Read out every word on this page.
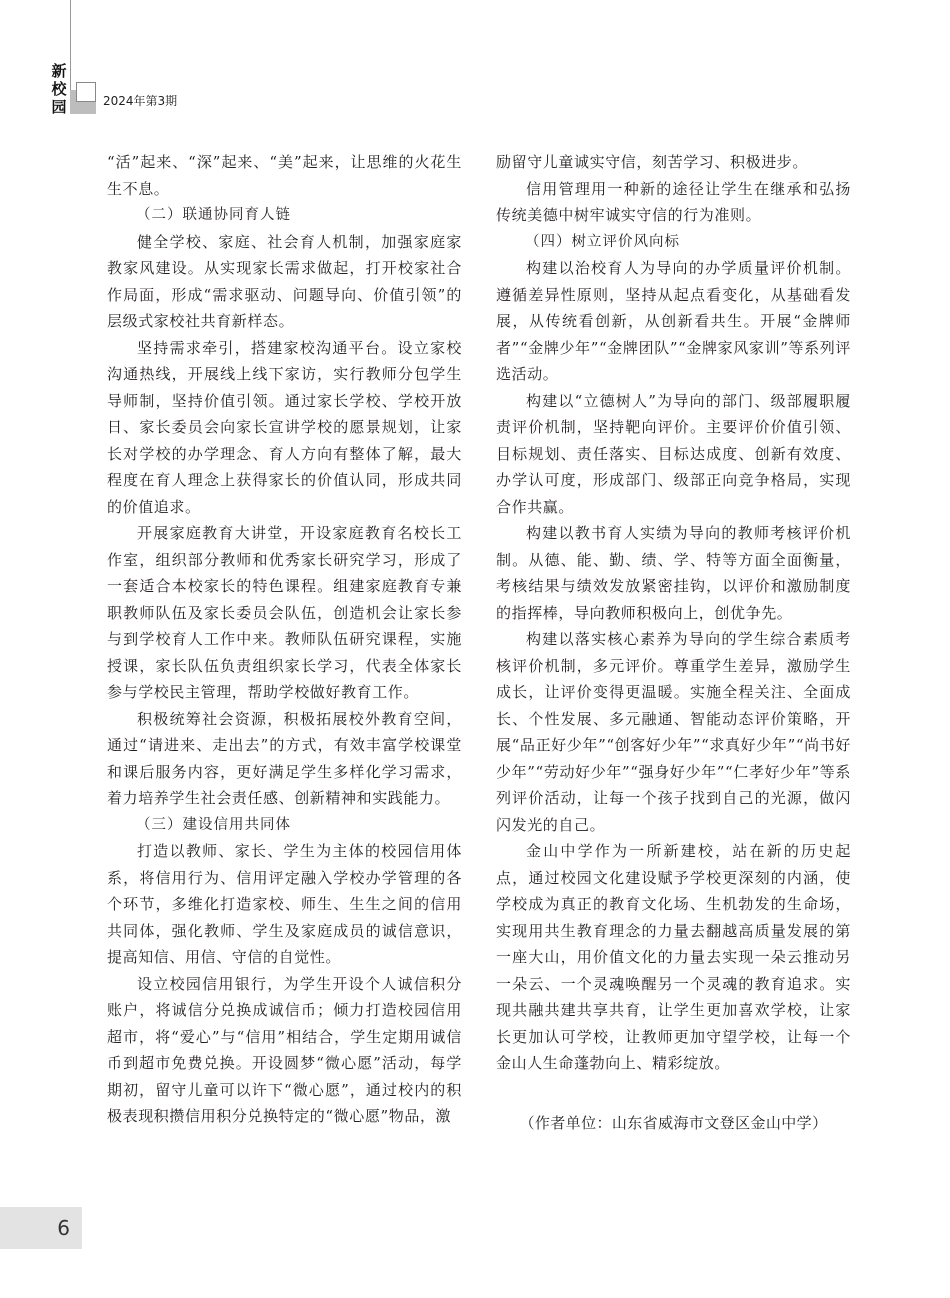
新
校
园	2024年第3期

“活”起来、“深”起来、“美”起来，让思维的火花生生不息。

（二）联通协同育人链

健全学校、家庭、社会育人机制，加强家庭家教家风建设。从实现家长需求做起，打开校家社合作局面，形成“需求驱动、问题导向、价值引领”的层级式家校社共育新样态。

坚持需求牵引，搭建家校沟通平台。设立家校沟通热线，开展线上线下家访，实行教师分包学生导师制，坚持价值引领。通过家长学校、学校开放日、家长委员会向家长宣讲学校的愿景规划，让家长对学校的办学理念、育人方向有整体了解，最大程度在育人理念上获得家长的价值认同，形成共同的价值追求。

开展家庭教育大讲堂，开设家庭教育名校长工作室，组织部分教师和优秀家长研究学习，形成了一套适合本校家长的特色课程。组建家庭教育专兼职教师队伍及家长委员会队伍，创造机会让家长参与到学校育人工作中来。教师队伍研究课程，实施授课，家长队伍负责组织家长学习，代表全体家长参与学校民主管理，帮助学校做好教育工作。

积极统筹社会资源，积极拓展校外教育空间，通过“请进来、走出去”的方式，有效丰富学校课堂和课后服务内容，更好满足学生多样化学习需求，着力培养学生社会责任感、创新精神和实践能力。

（三）建设信用共同体

打造以教师、家长、学生为主体的校园信用体系，将信用行为、信用评定融入学校办学管理的各个环节，多维化打造家校、师生、生生之间的信用共同体，强化教师、学生及家庭成员的诚信意识，提高知信、用信、守信的自觉性。

设立校园信用银行，为学生开设个人诚信积分账户，将诚信分兑换成诚信币；倾力打造校园信用超市，将“爱心”与“信用”相结合，学生定期用诚信币到超市免费兑换。开设圆梦“微心愿”活动，每学期初，留守儿童可以许下“微心愿”，通过校内的积极表现积攒信用积分兑换特定的“微心愿”物品，激

励留守儿童诚实守信，刻苦学习、积极进步。

信用管理用一种新的途径让学生在继承和弘扬传统美德中树牢诚实守信的行为准则。

（四）树立评价风向标

构建以治校育人为导向的办学质量评价机制。遵循差异性原则，坚持从起点看变化，从基础看发展，从传统看创新，从创新看共生。开展“金牌师者”“金牌少年”“金牌团队”“金牌家风家训”等系列评选活动。

构建以“立德树人”为导向的部门、级部履职履责评价机制，坚持靶向评价。主要评价价值引领、目标规划、责任落实、目标达成度、创新有效度、办学认可度，形成部门、级部正向竞争格局，实现合作共赢。

构建以教书育人实绩为导向的教师考核评价机制。从德、能、勤、绩、学、特等方面全面衡量，考核结果与绩效发放紧密挂钩，以评价和激励制度的指挥棒，导向教师积极向上，创优争先。

构建以落实核心素养为导向的学生综合素质考核评价机制，多元评价。尊重学生差异，激励学生成长，让评价变得更温暖。实施全程关注、全面成长、个性发展、多元融通、智能动态评价策略，开展“品正好少年”“创客好少年”“求真好少年”“尚书好少年”“劳动好少年”“强身好少年”“仁孝好少年”等系列评价活动，让每一个孩子找到自己的光源，做闪闪发光的自己。

金山中学作为一所新建校，站在新的历史起点，通过校园文化建设赋予学校更深刻的内涵，使学校成为真正的教育文化场、生机勃发的生命场，实现用共生教育理念的力量去翻越高质量发展的第一座大山，用价值文化的力量去实现一朵云推动另一朵云、一个灵魂唤醒另一个灵魂的教育追求。实现共融共建共享共育，让学生更加喜欢学校，让家长更加认可学校，让教师更加守望学校，让每一个金山人生命蓬勃向上、精彩绽放。

（作者单位：山东省威海市文登区金山中学）

6
